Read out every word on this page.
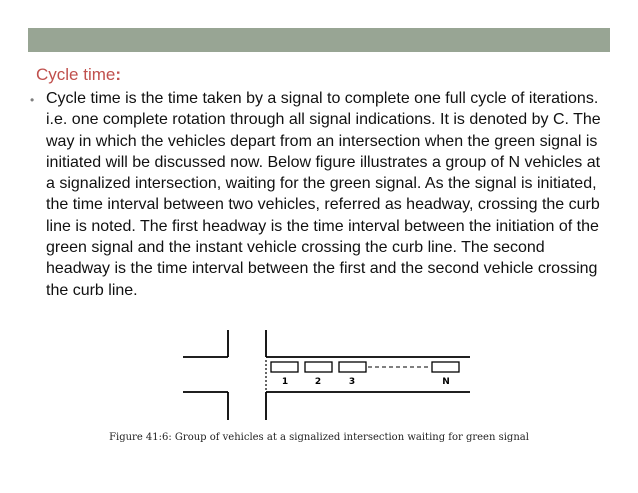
Cycle time:
• Cycle time is the time taken by a signal to complete one full cycle of iterations. i.e. one complete rotation through all signal indications. It is denoted by C. The way in which the vehicles depart from an intersection when the green signal is initiated will be discussed now. Below figure illustrates a group of N vehicles at a signalized intersection, waiting for the green signal. As the signal is initiated, the time interval between two vehicles, referred as headway, crossing the curb line is noted. The first headway is the time interval between the initiation of the green signal and the instant vehicle crossing the curb line. The second headway is the time interval between the first and the second vehicle crossing the curb line.
1	2	3	N
Figure 41:6: Group of vehicles at a signalized intersection waiting for green signal
